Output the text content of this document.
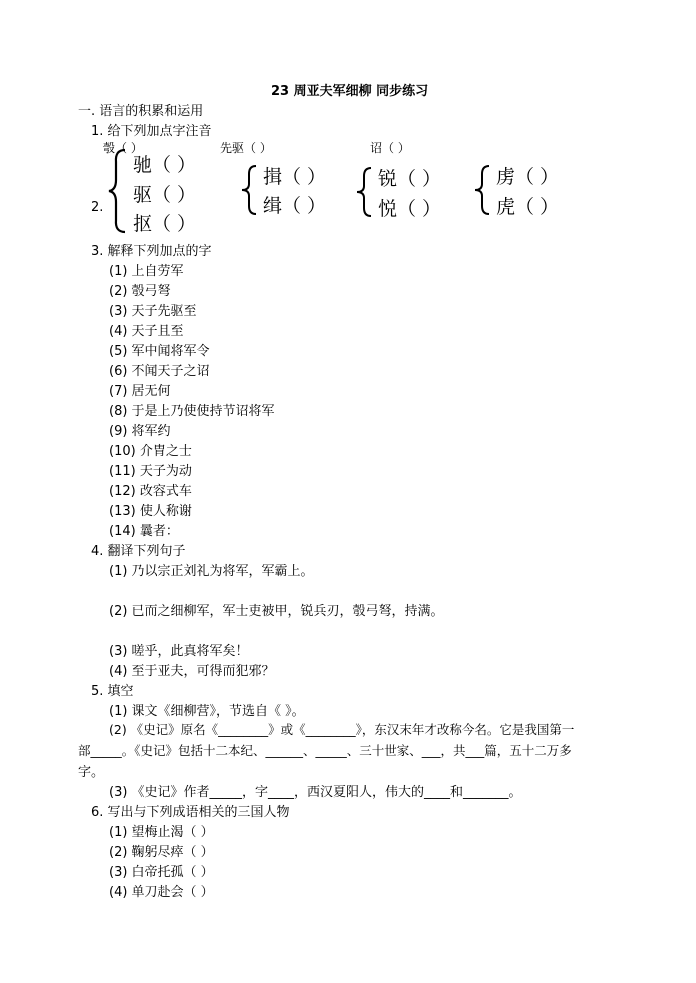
23 周亚夫军细柳 同步练习
一. 语言的积累和运用
1. 给下列加点字注音
彀（ ）	先驱（ ）	诏（ ）
2.
驰（ ）
驱（ ）
抠（ ）
揖（ ）
缉（ ）
锐（ ）
悦（ ）
虏（ ）
虎（ ）
3. 解释下列加点的字
(1) 上自劳军
(2) 彀弓弩
(3) 天子先驱至
(4) 天子且至
(5) 军中闻将军令
(6) 不闻天子之诏
(7) 居无何
(8) 于是上乃使使持节诏将军
(9) 将军约
(10) 介胄之士
(11) 天子为动
(12) 改容式车
(13) 使人称谢
(14) 曩者：
4. 翻译下列句子
(1) 乃以宗正刘礼为将军，军霸上。
(2) 已而之细柳军，军士吏被甲，锐兵刃，彀弓弩，持满。
(3) 嗟乎，此真将军矣！
(4) 至于亚夫，可得而犯邪？
5. 填空
(1) 课文《细柳营》，节选自《 》。
(2) 《史记》原名《________》或《________》，东汉末年才改称今名。它是我国第一
部_____。《史记》包括十二本纪、______、_____、三十世家、___，共___篇，五十二万多
字。
(3) 《史记》作者_____，字____，西汉夏阳人，伟大的____和_______。
6. 写出与下列成语相关的三国人物
(1) 望梅止渴（ ）
(2) 鞠躬尽瘁（ ）
(3) 白帝托孤（ ）
(4) 单刀赴会（ ）
